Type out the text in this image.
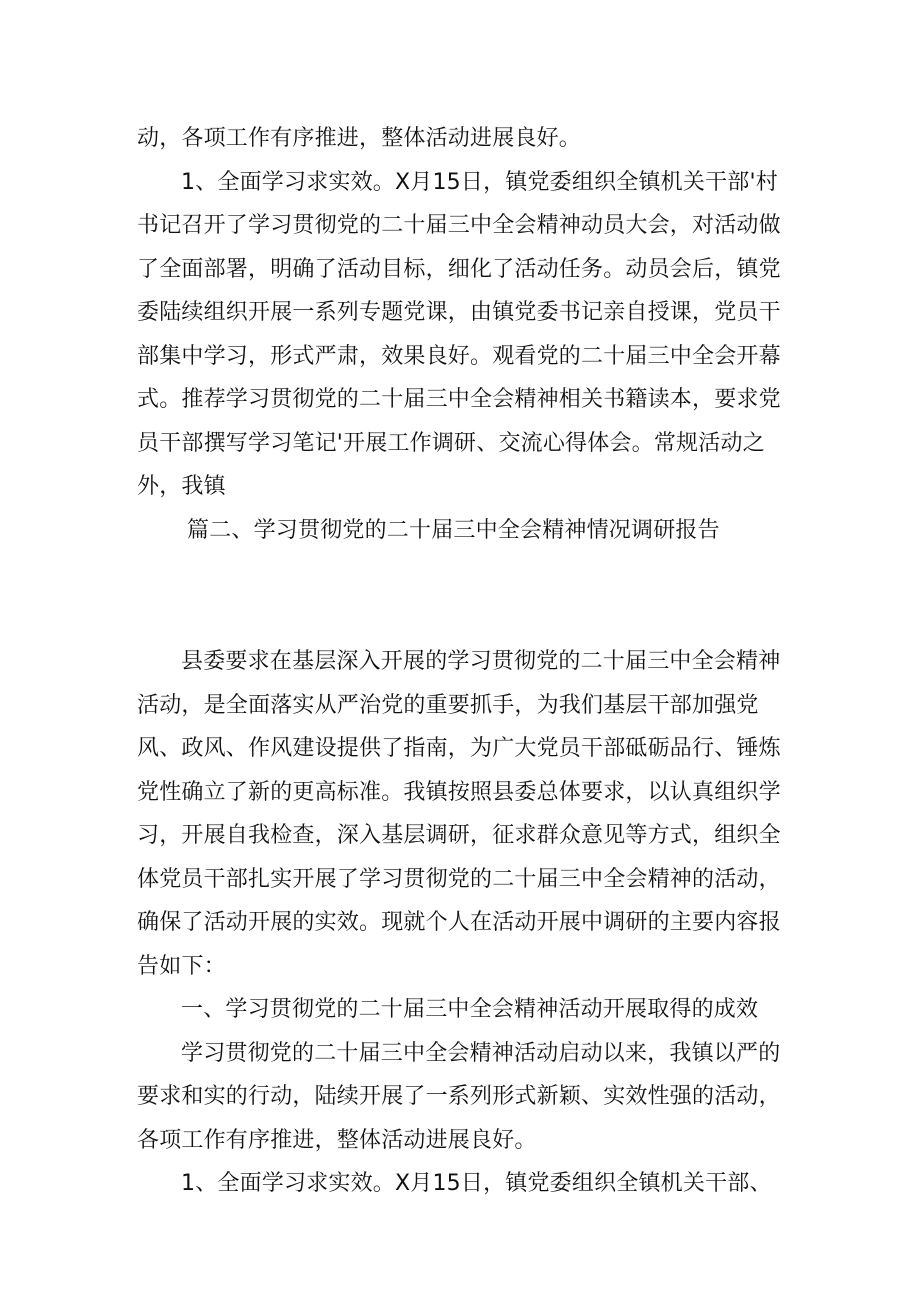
动，各项工作有序推进，整体活动进展良好。

1、全面学习求实效。X月15日，镇党委组织全镇机关干部'村书记召开了学习贯彻党的二十届三中全会精神动员大会，对活动做了全面部署，明确了活动目标，细化了活动任务。动员会后，镇党委陆续组织开展一系列专题党课，由镇党委书记亲自授课，党员干部集中学习，形式严肃，效果良好。观看党的二十届三中全会开幕式。推荐学习贯彻党的二十届三中全会精神相关书籍读本，要求党员干部撰写学习笔记'开展工作调研、交流心得体会。常规活动之外，我镇

篇二、学习贯彻党的二十届三中全会精神情况调研报告

县委要求在基层深入开展的学习贯彻党的二十届三中全会精神活动，是全面落实从严治党的重要抓手，为我们基层干部加强党风、政风、作风建设提供了指南，为广大党员干部砥砺品行、锤炼党性确立了新的更高标准。我镇按照县委总体要求，以认真组织学习，开展自我检查，深入基层调研，征求群众意见等方式，组织全体党员干部扎实开展了学习贯彻党的二十届三中全会精神的活动，确保了活动开展的实效。现就个人在活动开展中调研的主要内容报告如下：

一、学习贯彻党的二十届三中全会精神活动开展取得的成效

学习贯彻党的二十届三中全会精神活动启动以来，我镇以严的要求和实的行动，陆续开展了一系列形式新颖、实效性强的活动，各项工作有序推进，整体活动进展良好。

1、全面学习求实效。X月15日，镇党委组织全镇机关干部、
